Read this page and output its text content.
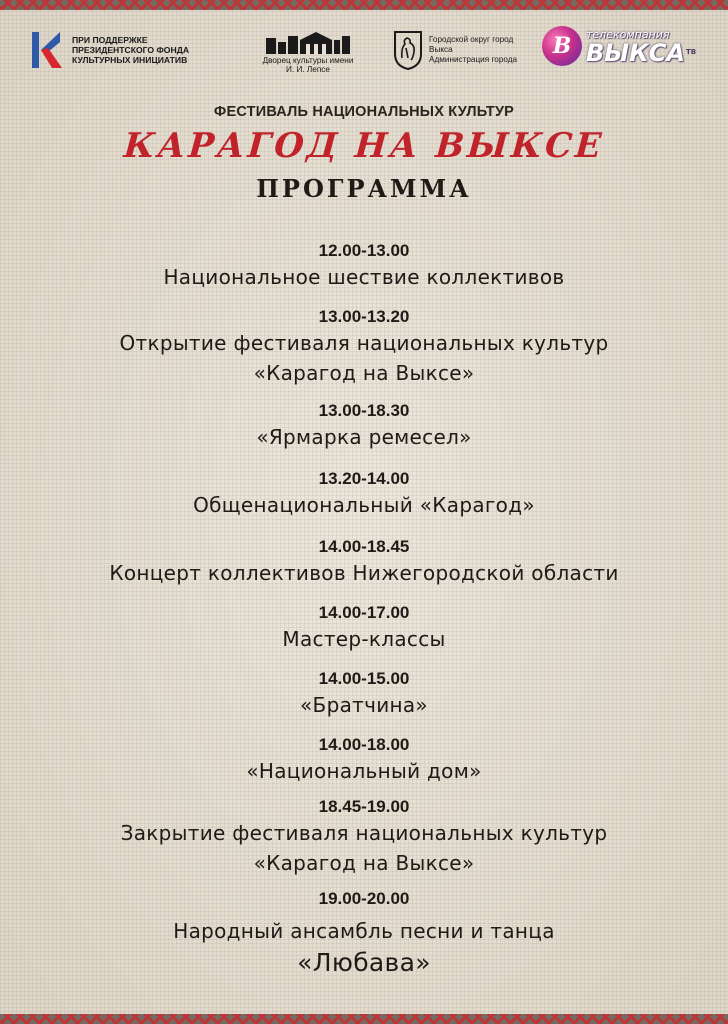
ПРИ ПОДДЕРЖКЕ ПРЕЗИДЕНТСКОГО ФОНДА КУЛЬТУРНЫХ ИНИЦИАТИВ	Дворец культуры имени И. И. Лепсе
Городской округ город Выкса
Администрация города
В	телекомпания
$ВЫКСА^{ТВ}$
ФЕСТИВАЛЬ НАЦИОНАЛЬНЫХ КУЛЬТУР
КАРАГОД НА ВЫКСЕ
ПРОГРАММА
12.00-13.00
Национальное шествие коллективов
13.00-13.20
Открытие фестиваля национальных культур
«Карагод на Выксе»
13.00-18.30
«Ярмарка ремесел»
13.20-14.00
Общенациональный «Карагод»
14.00-18.45
Концерт коллективов Нижегородской области
14.00-17.00
Мастер-классы
14.00-15.00
«Братчина»
14.00-18.00
«Национальный дом»
18.45-19.00
Закрытие фестиваля национальных культур
«Карагод на Выксе»
19.00-20.00
Народный ансамбль песни и танца
«Любава»
